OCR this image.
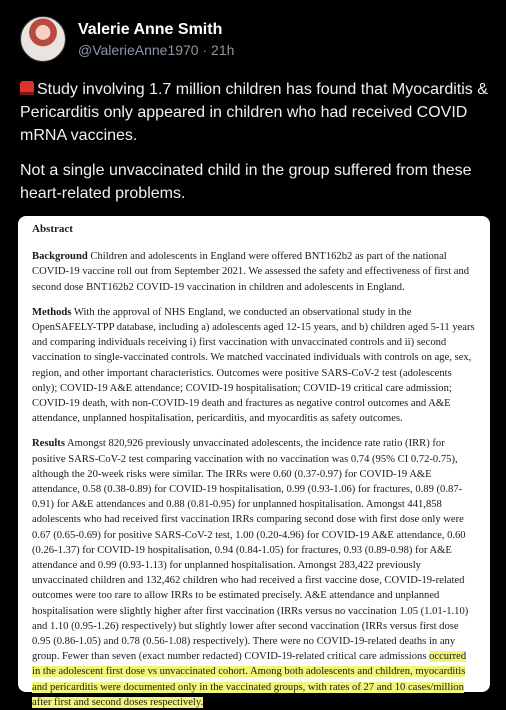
Valerie Anne Smith
@ValerieAnne1970 · 21h

Study involving 1.7 million children has found that Myocarditis & Pericarditis only appeared in children who had received COVID mRNA vaccines.

Not a single unvaccinated child in the group suffered from these heart-related problems.

Abstract
Background Children and adolescents in England were offered BNT162b2 as part of the national COVID-19 vaccine roll out from September 2021. We assessed the safety and effectiveness of first and second dose BNT162b2 COVID-19 vaccination in children and adolescents in England.
Methods With the approval of NHS England, we conducted an observational study in the OpenSAFELY-TPP database, including a) adolescents aged 12-15 years, and b) children aged 5-11 years and comparing individuals receiving i) first vaccination with unvaccinated controls and ii) second vaccination to single-vaccinated controls. We matched vaccinated individuals with controls on age, sex, region, and other important characteristics. Outcomes were positive SARS-CoV-2 test (adolescents only); COVID-19 A&E attendance; COVID-19 hospitalisation; COVID-19 critical care admission; COVID-19 death, with non-COVID-19 death and fractures as negative control outcomes and A&E attendance, unplanned hospitalisation, pericarditis, and myocarditis as safety outcomes.
Results Amongst 820,926 previously unvaccinated adolescents, the incidence rate ratio (IRR) for positive SARS-CoV-2 test comparing vaccination with no vaccination was 0.74 (95% CI 0.72-0.75), although the 20-week risks were similar. The IRRs were 0.60 (0.37-0.97) for COVID-19 A&E attendance, 0.58 (0.38-0.89) for COVID-19 hospitalisation, 0.99 (0.93-1.06) for fractures, 0.89 (0.87-0.91) for A&E attendances and 0.88 (0.81-0.95) for unplanned hospitalisation. Amongst 441,858 adolescents who had received first vaccination IRRs comparing second dose with first dose only were 0.67 (0.65-0.69) for positive SARS-CoV-2 test, 1.00 (0.20-4.96) for COVID-19 A&E attendance, 0.60 (0.26-1.37) for COVID-19 hospitalisation, 0.94 (0.84-1.05) for fractures, 0.93 (0.89-0.98) for A&E attendance and 0.99 (0.93-1.13) for unplanned hospitalisation. Amongst 283,422 previously unvaccinated children and 132,462 children who had received a first vaccine dose, COVID-19-related outcomes were too rare to allow IRRs to be estimated precisely. A&E attendance and unplanned hospitalisation were slightly higher after first vaccination (IRRs versus no vaccination 1.05 (1.01-1.10) and 1.10 (0.95-1.26) respectively) but slightly lower after second vaccination (IRRs versus first dose 0.95 (0.86-1.05) and 0.78 (0.56-1.08) respectively). There were no COVID-19-related deaths in any group. Fewer than seven (exact number redacted) COVID-19-related critical care admissions occurred in the adolescent first dose vs unvaccinated cohort. Among both adolescents and children, myocarditis and pericarditis were documented only in the vaccinated groups, with rates of 27 and 10 cases/million after first and second doses respectively.
